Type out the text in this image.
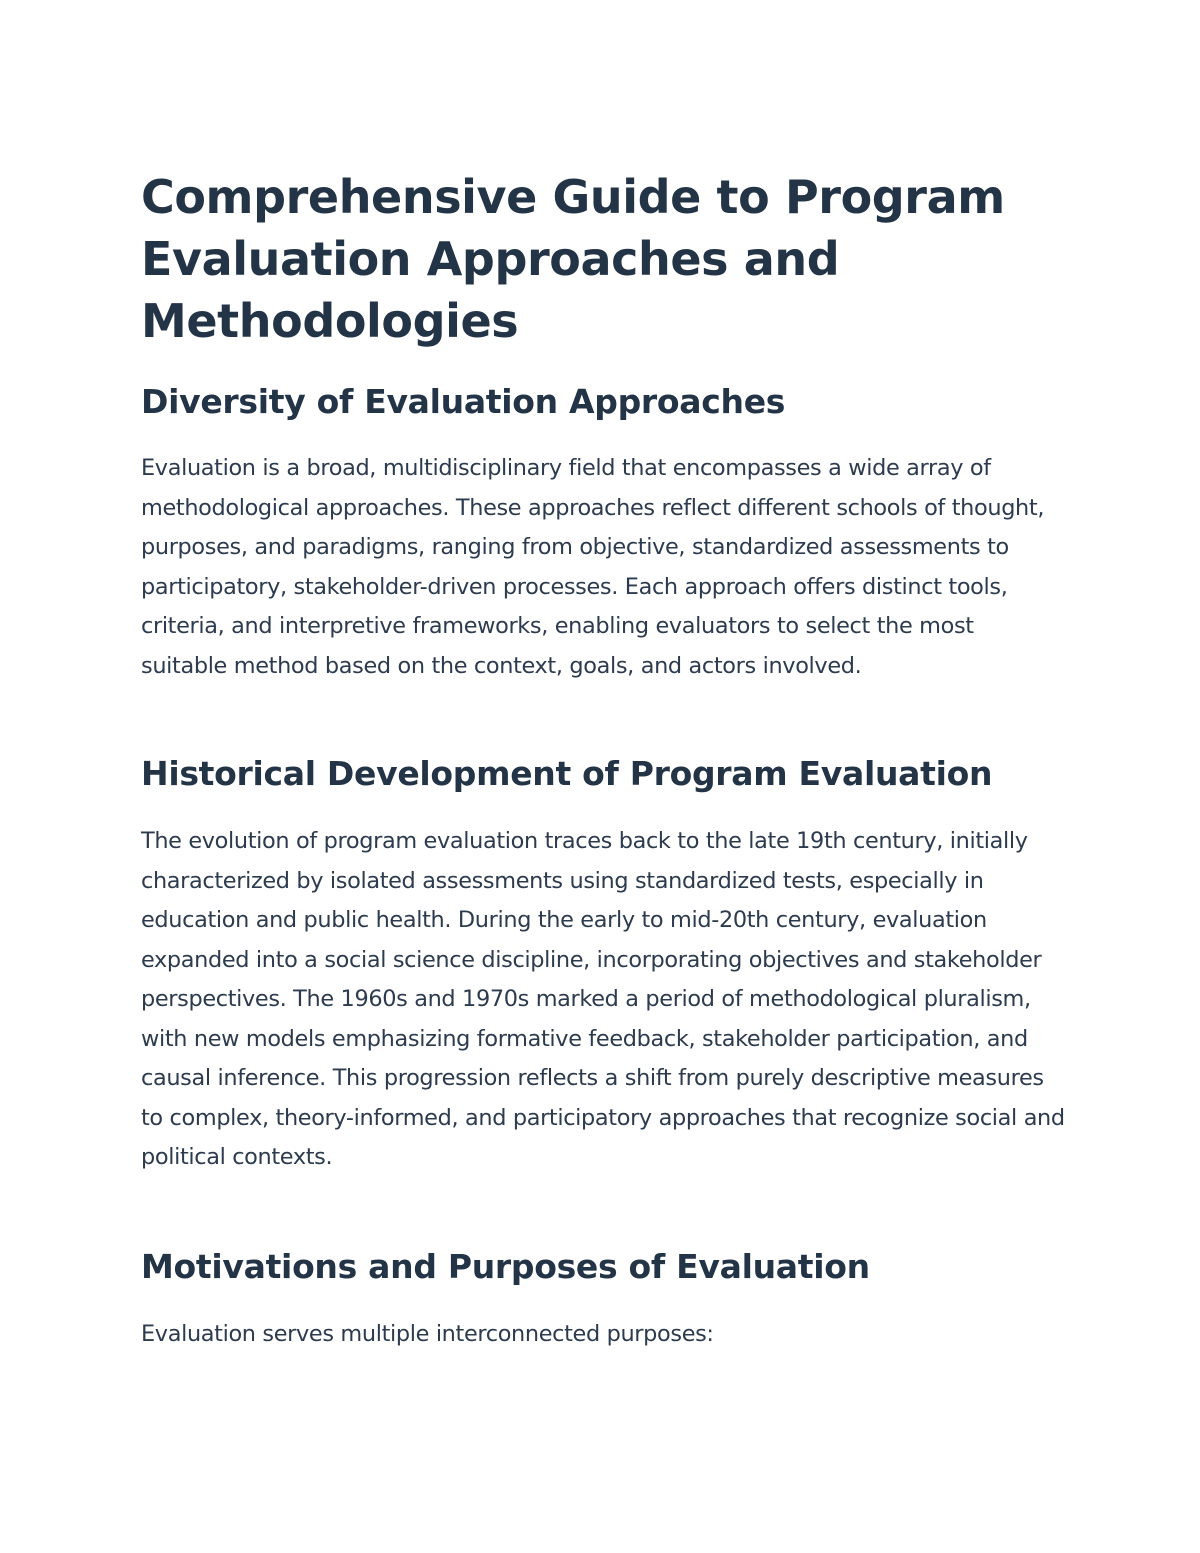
Comprehensive Guide to Program Evaluation Approaches and Methodologies
Diversity of Evaluation Approaches

Evaluation is a broad, multidisciplinary field that encompasses a wide array of methodological approaches. These approaches reflect different schools of thought, purposes, and paradigms, ranging from objective, standardized assessments to participatory, stakeholder-driven processes. Each approach offers distinct tools, criteria, and interpretive frameworks, enabling evaluators to select the most suitable method based on the context, goals, and actors involved.

Historical Development of Program Evaluation

The evolution of program evaluation traces back to the late 19th century, initially characterized by isolated assessments using standardized tests, especially in education and public health. During the early to mid-20th century, evaluation expanded into a social science discipline, incorporating objectives and stakeholder perspectives. The 1960s and 1970s marked a period of methodological pluralism, with new models emphasizing formative feedback, stakeholder participation, and causal inference. This progression reflects a shift from purely descriptive measures to complex, theory-informed, and participatory approaches that recognize social and political contexts.

Motivations and Purposes of Evaluation

Evaluation serves multiple interconnected purposes:
